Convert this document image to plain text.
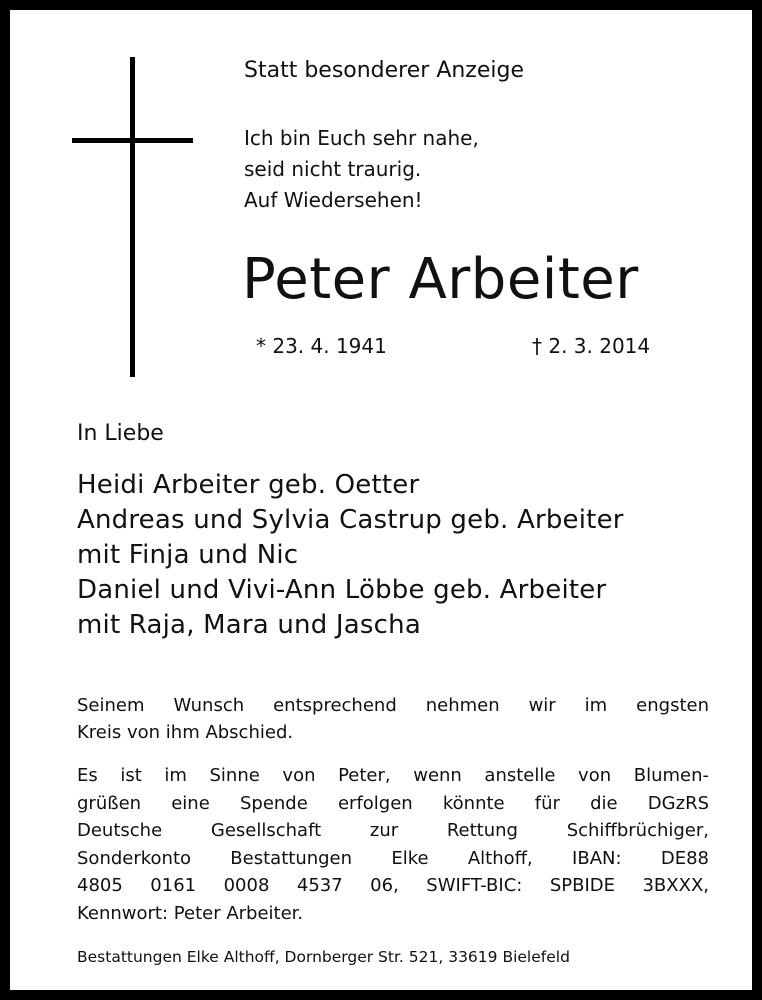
Statt besonderer Anzeige
Ich bin Euch sehr nahe,
seid nicht traurig.
Auf Wiedersehen!
Peter Arbeiter
* 23. 4. 1941	† 2. 3. 2014
In Liebe
Heidi Arbeiter geb. Oetter
Andreas und Sylvia Castrup geb. Arbeiter
mit Finja und Nic
Daniel und Vivi-Ann Löbbe geb. Arbeiter
mit Raja, Mara und Jascha
Seinem Wunsch entsprechend nehmen wir im engsten
Kreis von ihm Abschied.
Es ist im Sinne von Peter, wenn anstelle von Blumen-
grüßen eine Spende erfolgen könnte für die DGzRS
Deutsche Gesellschaft zur Rettung Schiffbrüchiger,
Sonderkonto Bestattungen Elke Althoff, IBAN: DE88
4805 0161 0008 4537 06, SWIFT-BIC: SPBIDE 3BXXX,
Kennwort: Peter Arbeiter.
Bestattungen Elke Althoff, Dornberger Str. 521, 33619 Bielefeld
